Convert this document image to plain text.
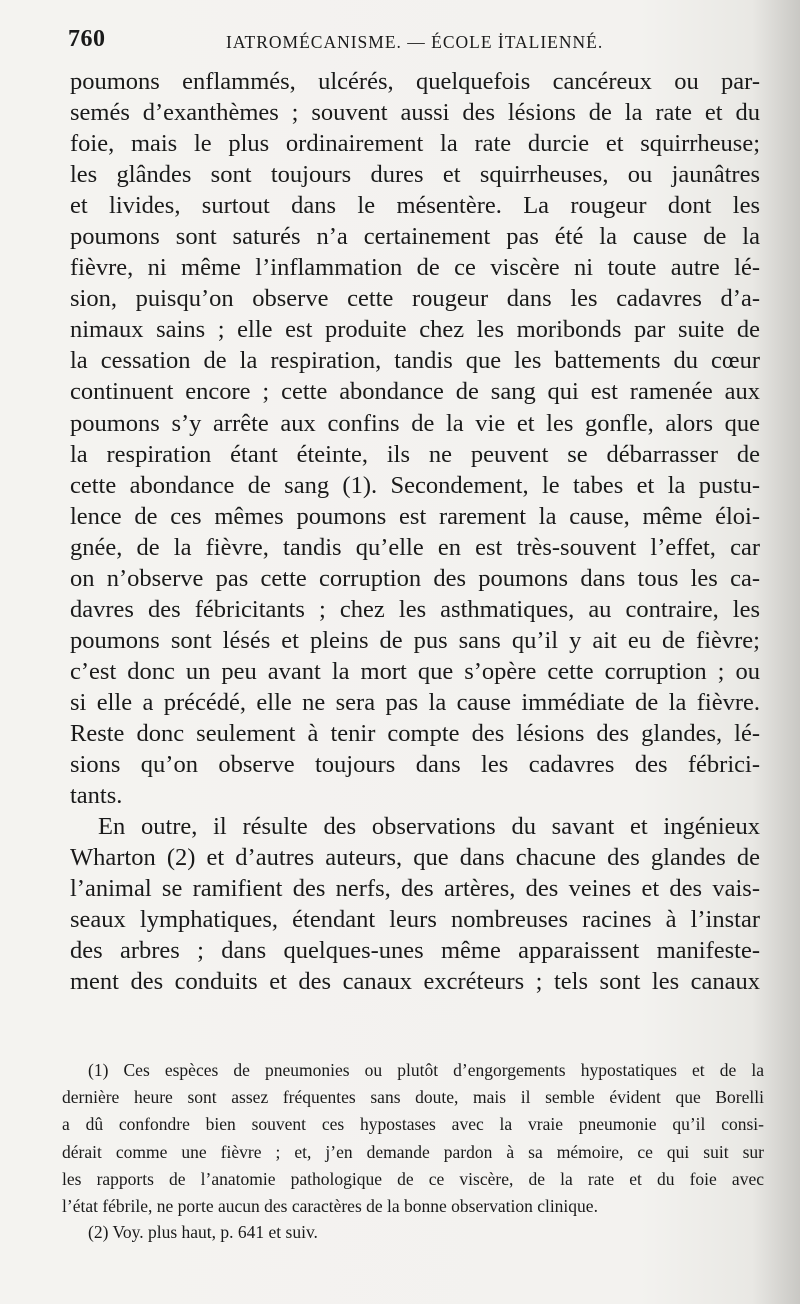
760	IATROMÉCANISME. — ÉCOLE İTALIENNÉ.
poumons enflammés, ulcérés, quelquefois cancéreux ou par-
semés d’exanthèmes ; souvent aussi des lésions de la rate et du
foie, mais le plus ordinairement la rate durcie et squirrheuse;
les glândes sont toujours dures et squirrheuses, ou jaunâtres
et livides, surtout dans le mésentère. La rougeur dont les
poumons sont saturés n’a certainement pas été la cause de la
fièvre, ni même l’inflammation de ce viscère ni toute autre lé-
sion, puisqu’on observe cette rougeur dans les cadavres d’a-
nimaux sains ; elle est produite chez les moribonds par suite de
la cessation de la respiration, tandis que les battements du cœur
continuent encore ; cette abondance de sang qui est ramenée aux
poumons s’y arrête aux confins de la vie et les gonfle, alors que
la respiration étant éteinte, ils ne peuvent se débarrasser de
cette abondance de sang (1). Secondement, le tabes et la pustu-
lence de ces mêmes poumons est rarement la cause, même éloi-
gnée, de la fièvre, tandis qu’elle en est très-souvent l’effet, car
on n’observe pas cette corruption des poumons dans tous les ca-
davres des fébricitants ; chez les asthmatiques, au contraire, les
poumons sont lésés et pleins de pus sans qu’il y ait eu de fièvre;
c’est donc un peu avant la mort que s’opère cette corruption ; ou
si elle a précédé, elle ne sera pas la cause immédiate de la fièvre.
Reste donc seulement à tenir compte des lésions des glandes, lé-
sions qu’on observe toujours dans les cadavres des fébrici-
tants.
En outre, il résulte des observations du savant et ingénieux
Wharton (2) et d’autres auteurs, que dans chacune des glandes de
l’animal se ramifient des nerfs, des artères, des veines et des vais-
seaux lymphatiques, étendant leurs nombreuses racines à l’instar
des arbres ; dans quelques-unes même apparaissent manifeste-
ment des conduits et des canaux excréteurs ; tels sont les canaux
(1) Ces espèces de pneumonies ou plutôt d’engorgements hypostatiques et de la
dernière heure sont assez fréquentes sans doute, mais il semble évident que Borelli
a dû confondre bien souvent ces hypostases avec la vraie pneumonie qu’il consi-
dérait comme une fièvre ; et, j’en demande pardon à sa mémoire, ce qui suit sur
les rapports de l’anatomie pathologique de ce viscère, de la rate et du foie avec
l’état fébrile, ne porte aucun des caractères de la bonne observation clinique.
(2) Voy. plus haut, p. 641 et suiv.
